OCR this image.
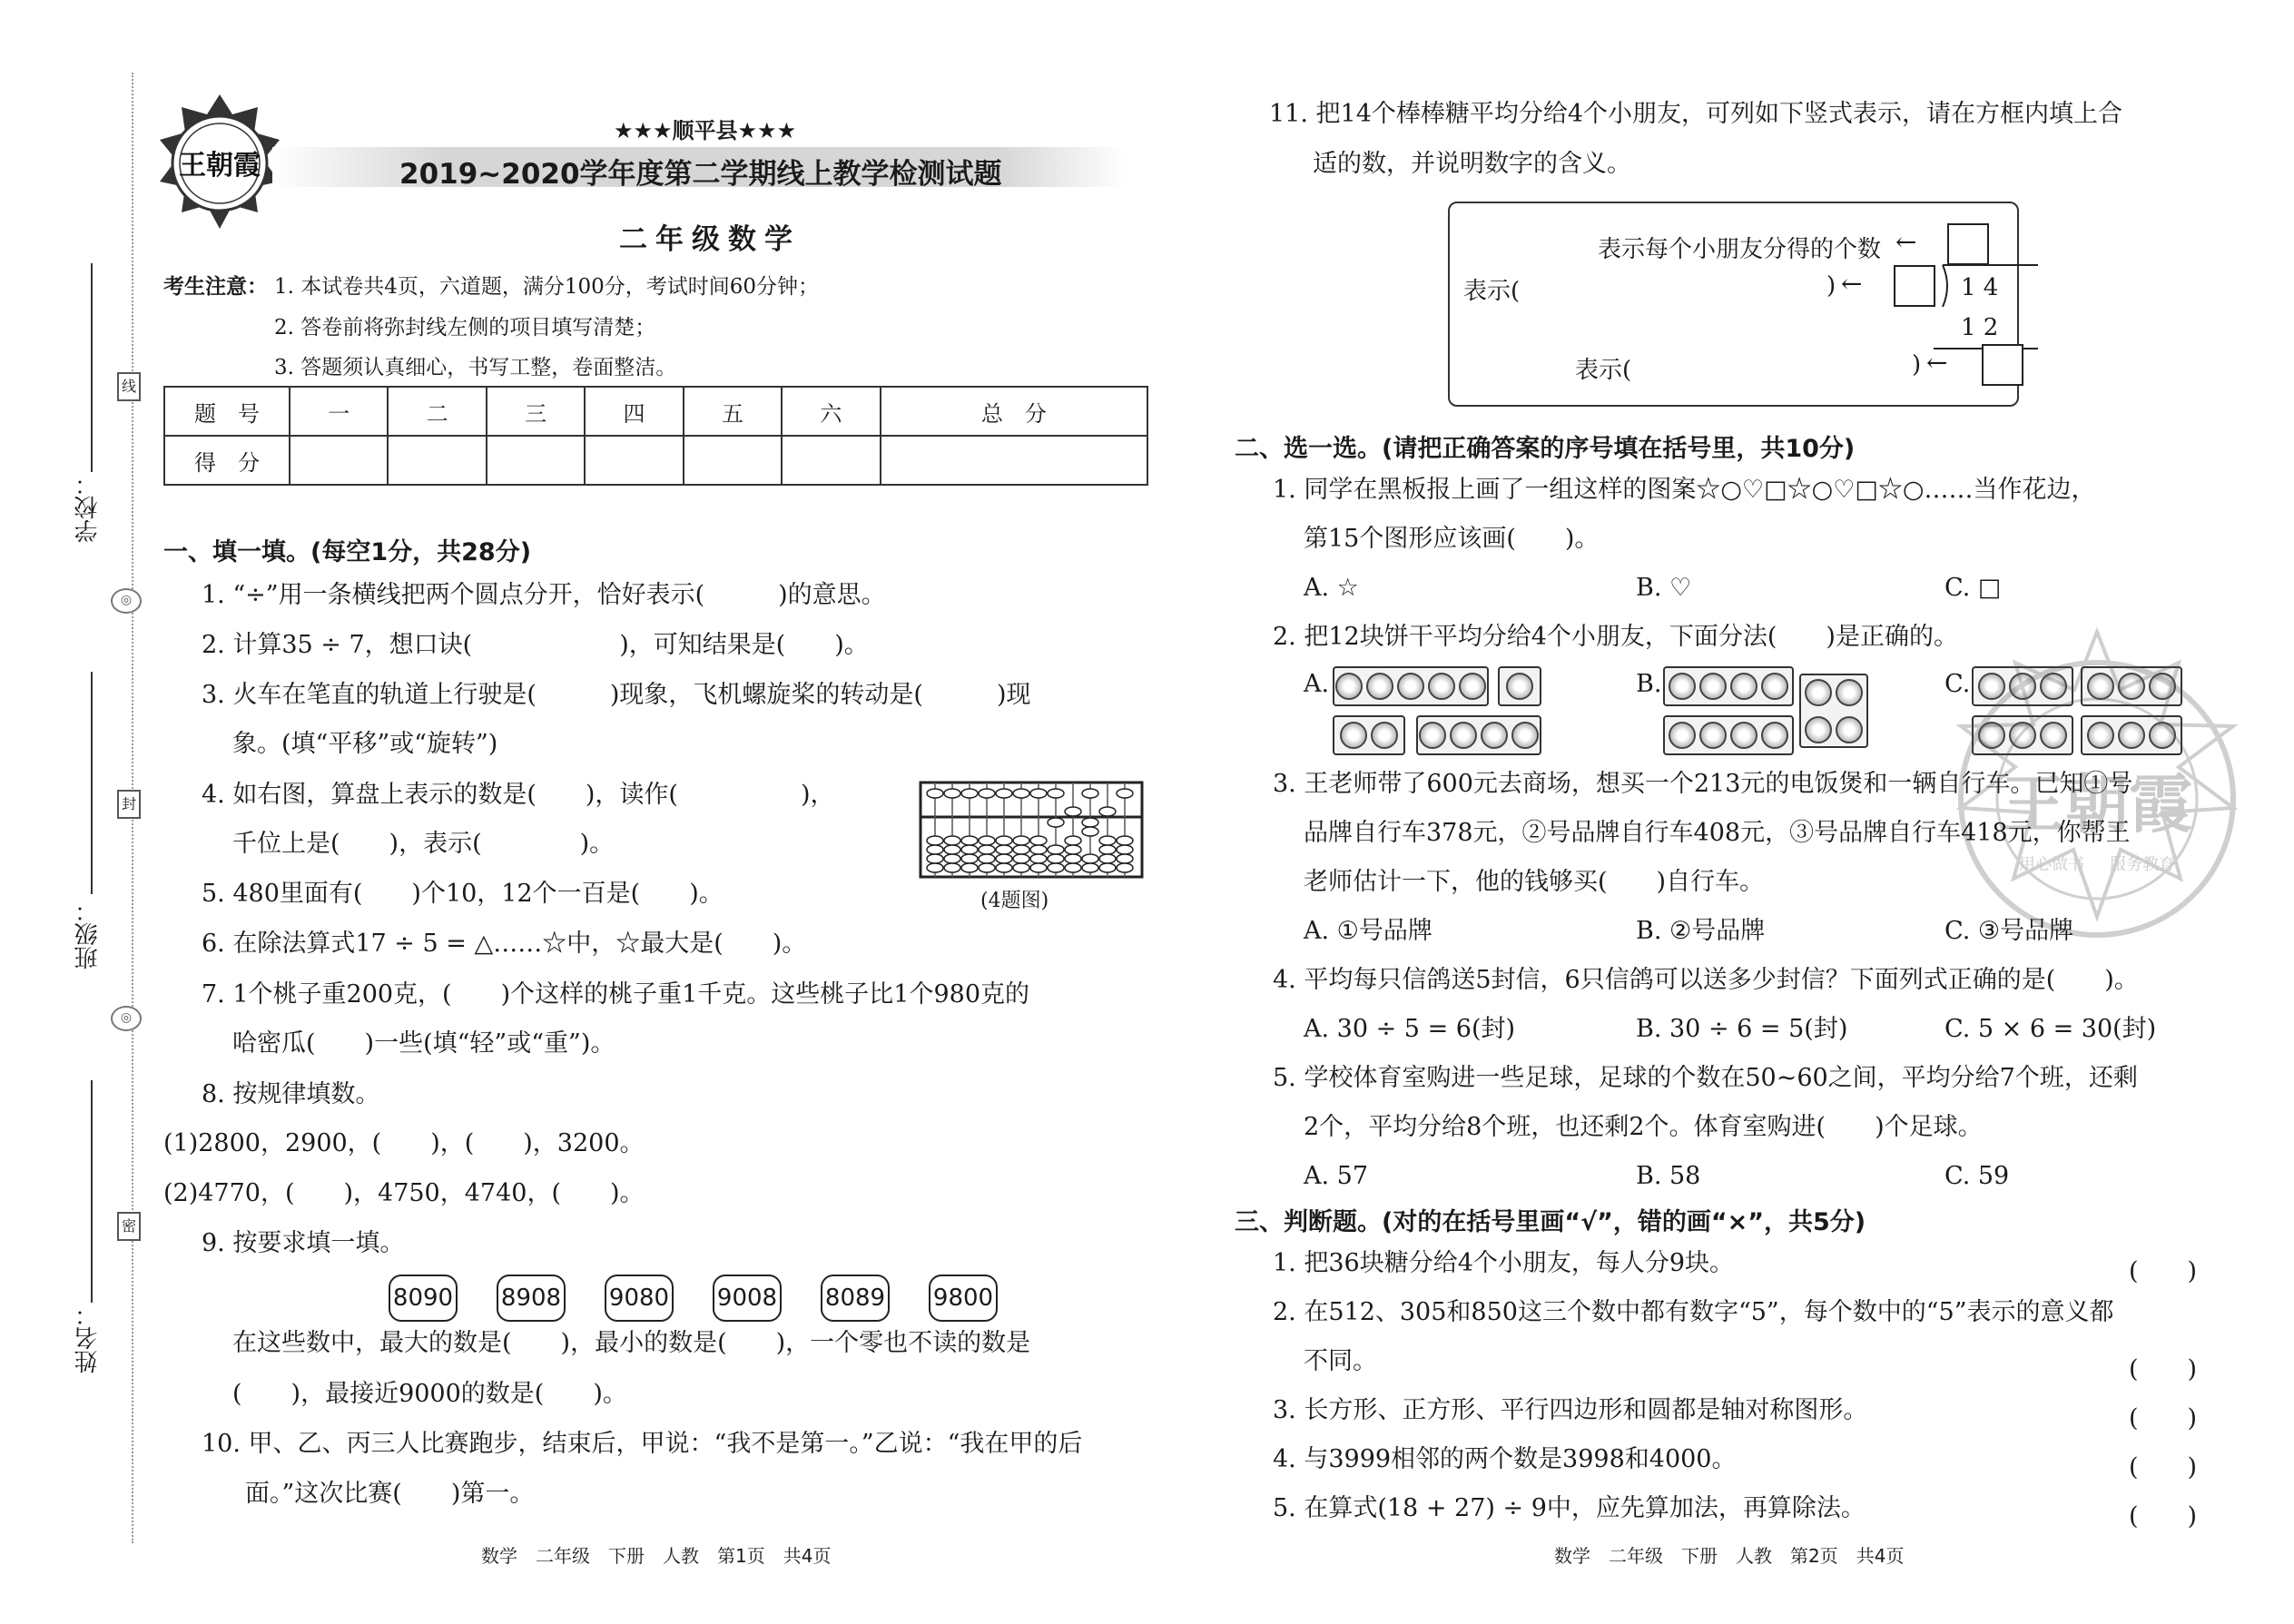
学校：
班级：
姓名：
线
◎
封
◎
密
王朝霞
★★★顺平县★★★
2019~2020学年度第二学期线上教学检测试题
二年级数学
考生注意： 1. 本试卷共4页，六道题，满分100分，考试时间60分钟；
2. 答卷前将弥封线左侧的项目填写清楚；
3. 答题须认真细心，书写工整，卷面整洁。
题　号	一	二	三	四	五	六	总　分
得　分							
一、填一填。(每空1分，共28分)
1. “÷”用一条横线把两个圆点分开，恰好表示(　　　)的意思。
2. 计算35 ÷ 7，想口诀(　　　　　　)，可知结果是(　　)。
3. 火车在笔直的轨道上行驶是(　　　)现象，飞机螺旋桨的转动是(　　　)现
象。(填“平移”或“旋转”)
4. 如右图，算盘上表示的数是(　　)，读作(　　　　　)，
千位上是(　　)，表示(　　　　)。
(4题图)
5. 480里面有(　　)个10，12个一百是(　　)。
6. 在除法算式17 ÷ 5 = △……☆中，☆最大是(　　)。
7. 1个桃子重200克，(　　)个这样的桃子重1千克。这些桃子比1个980克的
哈密瓜(　　)一些(填“轻”或“重”)。
8. 按规律填数。
(1)2800，2900，(　　)，(　　)，3200。
(2)4770，(　　)，4750，4740，(　　)。
9. 按要求填一填。
8090 8908 9080 9008 8089 9800
在这些数中，最大的数是(　　)，最小的数是(　　)，一个零也不读的数是
(　　)，最接近9000的数是(　　)。
10. 甲、乙、丙三人比赛跑步，结束后，甲说：“我不是第一。”乙说：“我在甲的后
面。”这次比赛(　　)第一。
数学　二年级　下册　人教　第1页　共4页
11. 把14个棒棒糖平均分给4个小朋友，可列如下竖式表示，请在方框内填上合
适的数，并说明数字的含义。
表示每个小朋友分得的个数 ←
表示(	) ←	1 4
1 2
表示(	) ←
二、选一选。(请把正确答案的序号填在括号里，共10分)
1. 同学在黑板报上画了一组这样的图案☆○♡□☆○♡□☆○……当作花边，
第15个图形应该画(　　)。
A. ☆	B. ♡	C. □
2. 把12块饼干平均分给4个小朋友，下面分法(　　)是正确的。
A.	B.	C.
王朝霞
用心做书 服务教育
3. 王老师带了600元去商场，想买一个213元的电饭煲和一辆自行车。已知①号
品牌自行车378元，②号品牌自行车408元，③号品牌自行车418元，你帮王
老师估计一下，他的钱够买(　　)自行车。
A. ①号品牌	B. ②号品牌	C. ③号品牌
4. 平均每只信鸽送5封信，6只信鸽可以送多少封信？下面列式正确的是(　　)。
A. 30 ÷ 5 = 6(封)	B. 30 ÷ 6 = 5(封)	C. 5 × 6 = 30(封)
5. 学校体育室购进一些足球，足球的个数在50~60之间，平均分给7个班，还剩
2个，平均分给8个班，也还剩2个。体育室购进(　　)个足球。
A. 57	B. 58	C. 59
三、判断题。(对的在括号里画“√”，错的画“×”，共5分)
1. 把36块糖分给4个小朋友，每人分9块。	(　　)
2. 在512、305和850这三个数中都有数字“5”，每个数中的“5”表示的意义都
不同。	(　　)
3. 长方形、正方形、平行四边形和圆都是轴对称图形。	(　　)
4. 与3999相邻的两个数是3998和4000。	(　　)
5. 在算式(18 + 27) ÷ 9中，应先算加法，再算除法。	(　　)
数学　二年级　下册　人教　第2页　共4页
